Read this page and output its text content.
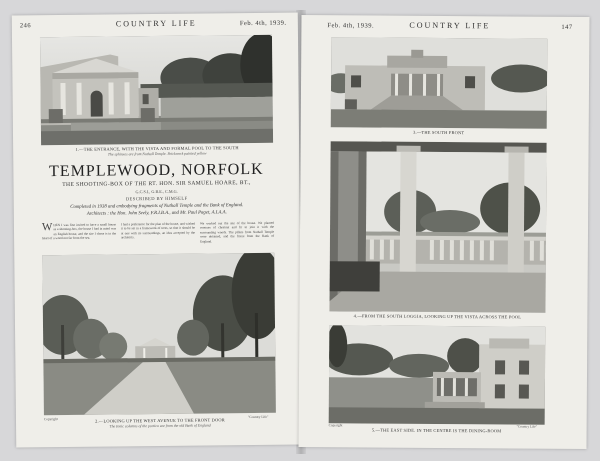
246	COUNTRY LIFE	Feb. 4th, 1939.
1.—THE ENTRANCE, WITH THE VISTA AND FORMAL POOL TO THE SOUTH
The sphinxes are from Nuthall Temple. Brickwork painted yellow
TEMPLEWOOD, NORFOLK
THE SHOOTING-BOX OF THE RT. HON. SIR SAMUEL HOARE, BT.,
G.C.S.I., G.B.E., C.M.G.
DESCRIBED BY HIMSELF
Completed in 1938 and embodying fragments of Nuthall Temple and the Bank of England.
Architects : the Hon. John Seely, F.R.I.B.A., and Mr. Paul Paget, A.I.A.A.
WHEN I was first invited to have a small house as a shooting-box, the house I had in mind was an English house, and the site I chose is in the heart of a wood not far from the sea.
I had a preference for the plan of the house, and wished it to be set in a framework of trees, so that it should be at one with its surroundings, an idea accepted by the architects.
We worked out the site of the house. We planted avenues of chestnut and fir to join it with the surrounding woods. The pillars from Nuthall Temple were obtained, and the frieze from the Bank of England.
Copyright
"Country Life"
2.—LOOKING UP THE WEST AVENUE TO THE FRONT DOOR
The Ionic columns of the portico are from the old Bank of England
Feb. 4th, 1939.	COUNTRY LIFE	147
3.—THE SOUTH FRONT
4.—FROM THE SOUTH LOGGIA, LOOKING UP THE VISTA ACROSS THE POOL
Copyright	"Country Life"
5.—THE EAST SIDE. IN THE CENTRE IS THE DINING-ROOM
